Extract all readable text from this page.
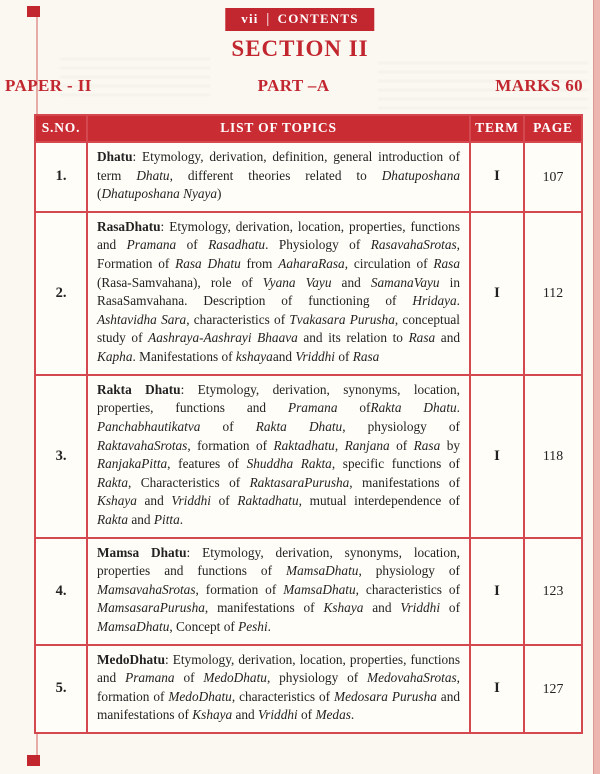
vii CONTENTS
SECTION II
PAPER - II	PART –A	MARKS 60
S.NO.	LIST OF TOPICS	TERM	PAGE
1.	Dhatu: Etymology, derivation, definition, general introduction of term Dhatu, different theories related to Dhatuposhana (Dhatuposhana Nyaya)	I	107
2.	RasaDhatu: Etymology, derivation, location, properties, functions and Pramana of Rasadhatu. Physiology of RasavahaSrotas, Formation of Rasa Dhatu from AaharaRasa, circulation of Rasa (Rasa-Samvahana), role of Vyana Vayu and SamanaVayu in RasaSamvahana. Description of functioning of Hridaya. Ashtavidha Sara, characteristics of Tvakasara Purusha, conceptual study of Aashraya-Aashrayi Bhaava and its relation to Rasa and Kapha. Manifestations of kshayaand Vriddhi of Rasa	I	112
3.	Rakta Dhatu: Etymology, derivation, synonyms, location, properties, functions and Pramana ofRakta Dhatu. Panchabhautikatva of Rakta Dhatu, physiology of RaktavahaSrotas, formation of Raktadhatu, Ranjana of Rasa by RanjakaPitta, features of Shuddha Rakta, specific functions of Rakta, Characteristics of RaktasaraPurusha, manifestations of Kshaya and Vriddhi of Raktadhatu, mutual interdependence of Rakta and Pitta.	I	118
4.	Mamsa Dhatu: Etymology, derivation, synonyms, location, properties and functions of MamsaDhatu, physiology of MamsavahaSrotas, formation of MamsaDhatu, characteristics of MamsasaraPurusha, manifestations of Kshaya and Vriddhi of MamsaDhatu, Concept of Peshi.	I	123
5.	MedoDhatu: Etymology, derivation, location, properties, functions and Pramana of MedoDhatu, physiology of MedovahaSrotas, formation of MedoDhatu, characteristics of Medosara Purusha and manifestations of Kshaya and Vriddhi of Medas.	I	127
